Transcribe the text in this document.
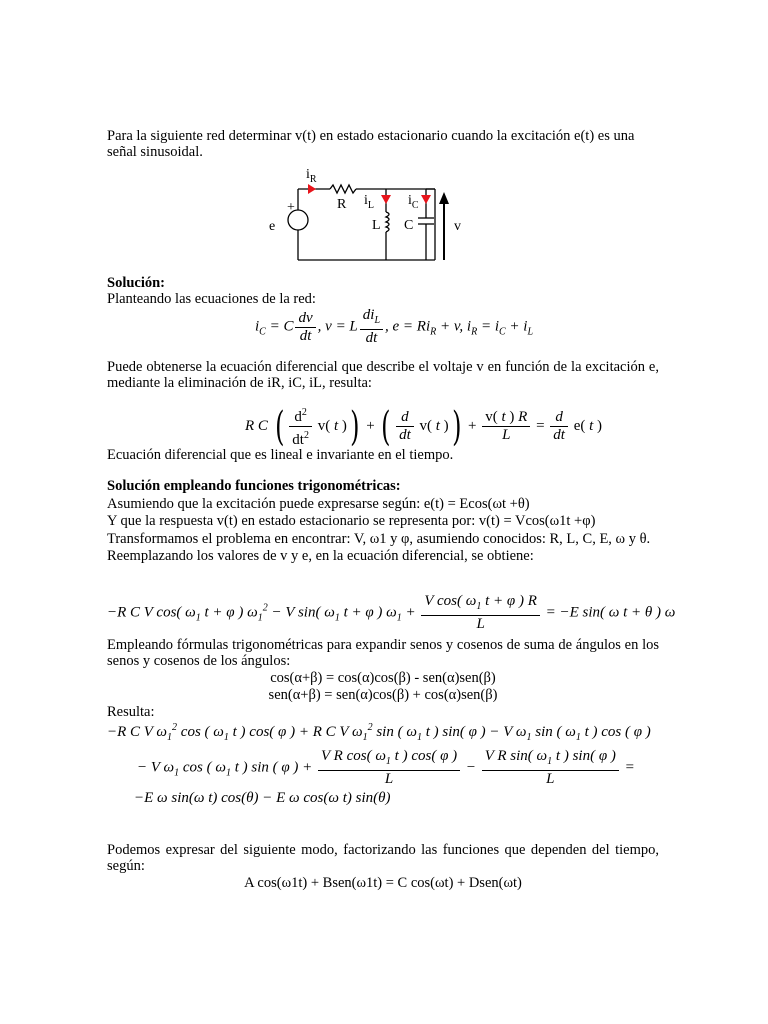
Para la siguiente red determinar v(t) en estado estacionario cuando la excitación e(t) es una
señal sinusoidal.
$i_R$
R $i_L$ $i_C$
+
e	L C	v
Solución:
Planteando las ecuaciones de la red:
$i_C = C \frac{dv}{dt}$ , v = L $\frac{di_L}{dt}$ , $e = Ri_R + v$, $i_R = i_C + i_L$
Puede obtenerse la ecuación diferencial que describe el voltaje v en función de la excitación e, mediante la eliminación de iR, iC, iL, resulta:
R C ( $\frac{d^2}{dt^2} v$( t )) + ( $\frac{d}{dt} v$( t )) + $\frac{v( t ) R}{L} = \frac{d}{dt} e$( t )
Ecuación diferencial que es lineal e invariante en el tiempo.
Solución empleando funciones trigonométricas:
Asumiendo que la excitación puede expresarse según: e(t) = Ecos(ωt +θ)
Y que la respuesta v(t) en estado estacionario se representa por: v(t) = Vcos(ω1t +φ)
Transformamos el problema en encontrar: V, ω1 y φ, asumiendo conocidos: R, L, C, E, ω y θ.
Reemplazando los valores de v y e, en la ecuación diferencial, se obtiene:
−R C V cos( $\omega_1$ t + φ ) $\omega_1^2 - V$ sin( $\omega_1$ t + φ ) $\omega_1 + \frac{V \cos( \omega_1 t + \varphi ) R}{L} = -E$ sin( ω t + θ ) ω
Empleando fórmulas trigonométricas para expandir senos y cosenos de suma de ángulos en los senos y cosenos de los ángulos:
cos(α+β) = cos(α)cos(β) - sen(α)sen(β)
sen(α+β) = sen(α)cos(β) + cos(α)sen(β)
Resulta:
−R C V $\omega_1^2$ cos ( $\omega_1$ t ) cos( φ ) + R C V $\omega_1^2$ sin ( $\omega_1$ t ) sin( φ ) − V $\omega_1$ sin ( $\omega_1$ t ) cos ( φ )
− V $\omega_1$ cos ( $\omega_1$ t ) sin ( φ ) + $\frac{V R \cos( \omega_1 t ) \cos( \varphi )}{L} - \frac{V R \sin( \omega_1 t ) \sin( \varphi )}{L}$ =
−E ω sin(ω t) cos(θ) − E ω cos(ω t) sin(θ)
Podemos expresar del siguiente modo, factorizando las funciones que dependen del tiempo, según:
A cos(ω1t) + Bsen(ω1t) = C cos(ωt) + Dsen(ωt)
